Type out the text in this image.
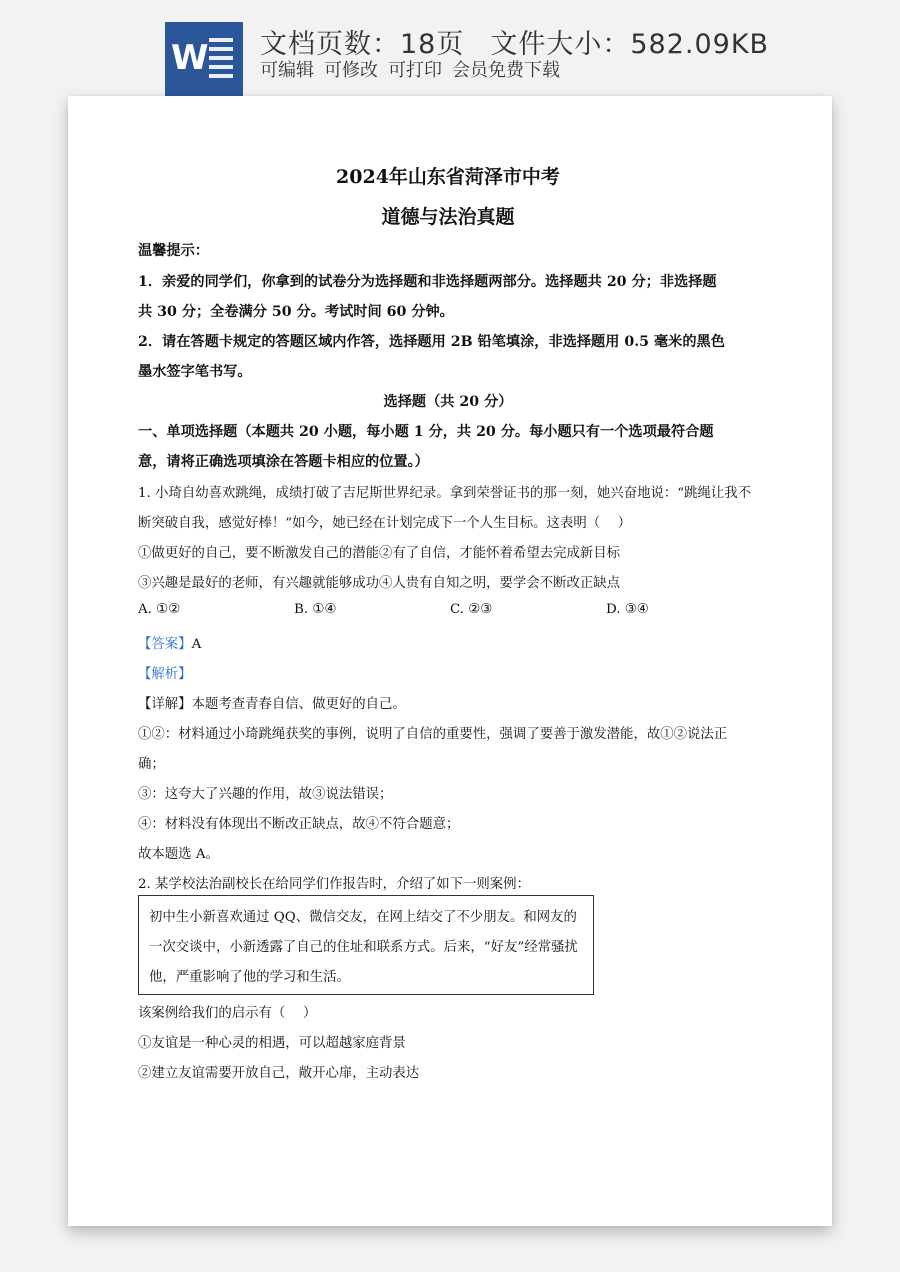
W 文档页数：18页 文件大小：582.09KB
可编辑 可修改 可打印 会员免费下载
2024年山东省菏泽市中考
道德与法治真题
温馨提示：
1．亲爱的同学们，你拿到的试卷分为选择题和非选择题两部分。选择题共 20 分；非选择题
共 30 分；全卷满分 50 分。考试时间 60 分钟。
2．请在答题卡规定的答题区域内作答，选择题用 2B 铅笔填涂，非选择题用 0.5 毫米的黑色
墨水签字笔书写。
选择题（共 20 分）
一、单项选择题（本题共 20 小题，每小题 1 分，共 20 分。每小题只有一个选项最符合题
意，请将正确选项填涂在答题卡相应的位置。）
1. 小琦自幼喜欢跳绳，成绩打破了吉尼斯世界纪录。拿到荣誉证书的那一刻，她兴奋地说：“跳绳让我不
断突破自我，感觉好棒！”如今，她已经在计划完成下一个人生目标。这表明（　 ）
①做更好的自己，要不断激发自己的潜能②有了自信，才能怀着希望去完成新目标
③兴趣是最好的老师，有兴趣就能够成功④人贵有自知之明，要学会不断改正缺点
A. ①②	B. ①④	C. ②③	D. ③④
【答案】A
【解析】
【详解】本题考查青春自信、做更好的自己。
①②：材料通过小琦跳绳获奖的事例，说明了自信的重要性，强调了要善于激发潜能，故①②说法正
确；
③：这夸大了兴趣的作用，故③说法错误；
④：材料没有体现出不断改正缺点，故④不符合题意；
故本题选 A。
2. 某学校法治副校长在给同学们作报告时，介绍了如下一则案例：
初中生小新喜欢通过 QQ、微信交友，在网上结交了不少朋友。和网友的
一次交谈中，小新透露了自己的住址和联系方式。后来，“好友”经常骚扰
他，严重影响了他的学习和生活。
该案例给我们的启示有（　 ）
①友谊是一种心灵的相遇，可以超越家庭背景
②建立友谊需要开放自己，敞开心扉，主动表达
